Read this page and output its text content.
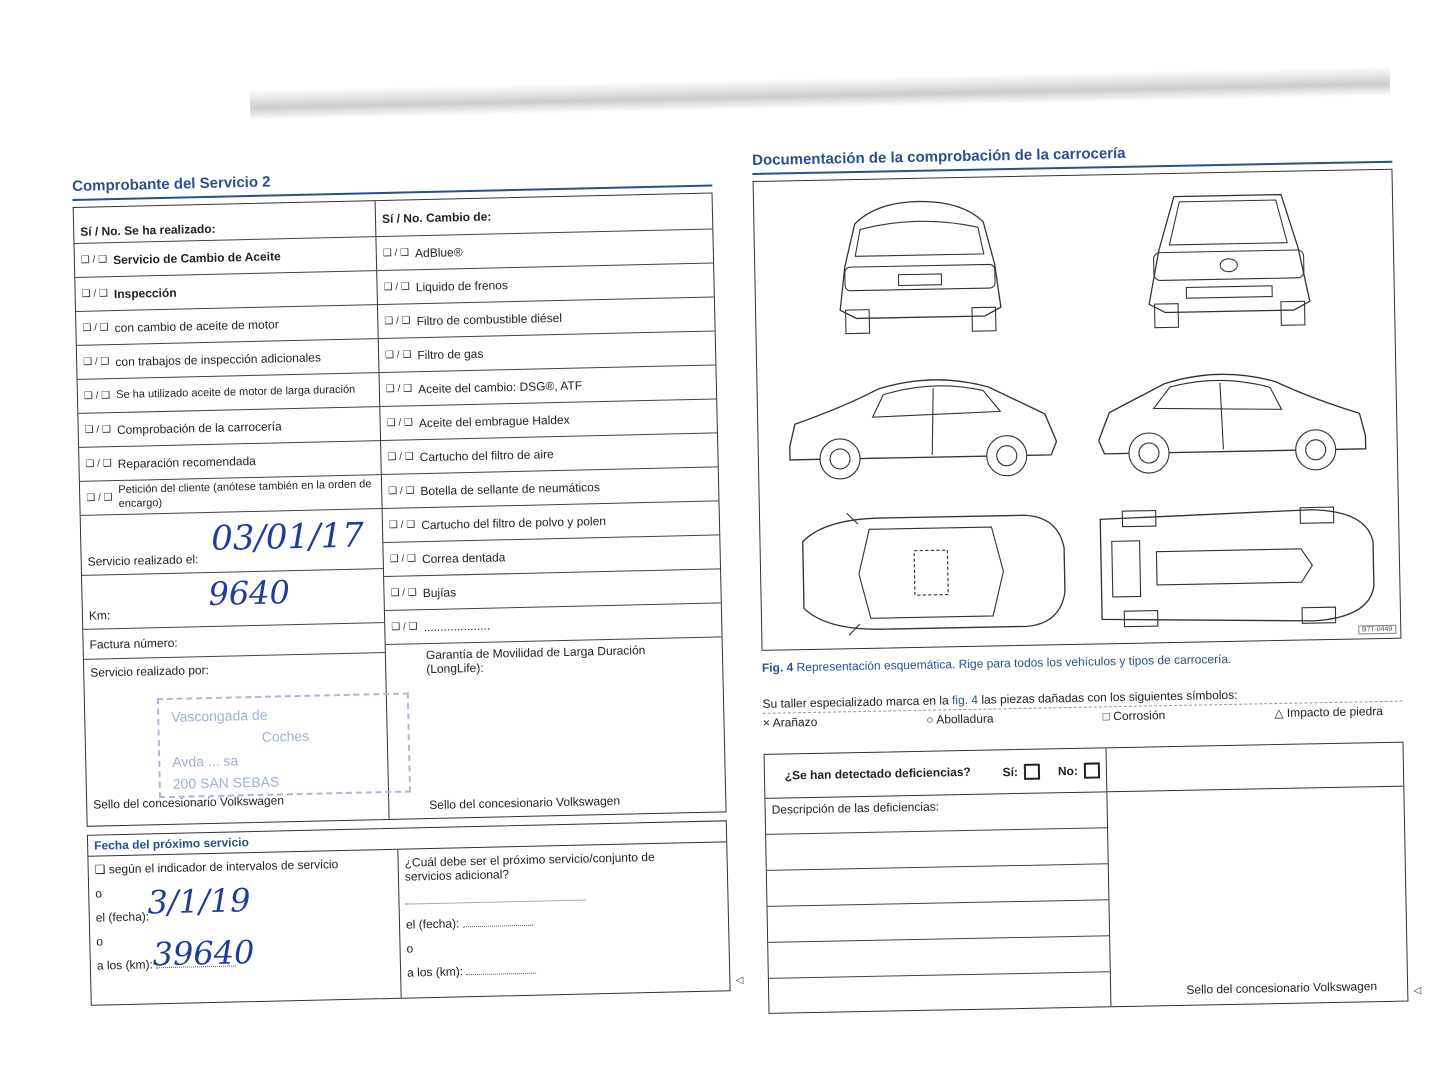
Comprobante del Servicio 2
Sí / No. Se ha realizado:
❑ / ❑ Servicio de Cambio de Aceite
❑ / ❑ Inspección
❑ / ❑ con cambio de aceite de motor
❑ / ❑ con trabajos de inspección adicionales
❑ / ❑ Se ha utilizado aceite de motor de larga duración
❑ / ❑ Comprobación de la carrocería
❑ / ❑ Reparación recomendada
❑ / ❑
Petición del cliente (anótese también en la orden de encargo)
Servicio realizado el:
03/01/17
Km:
9640
Factura número:
Servicio realizado por:
Vascongada de
Coches
Avda ... sa
200 SAN SEBAS
Sello del concesionario Volkswagen
Sí / No. Cambio de:
❑ / ❑ AdBlue®
❑ / ❑ Liquido de frenos
❑ / ❑ Filtro de combustible diésel
❑ / ❑ Filtro de gas
❑ / ❑ Aceite del cambio: DSG®, ATF
❑ / ❑ Aceite del embrague Haldex
❑ / ❑ Cartucho del filtro de aire
❑ / ❑ Botella de sellante de neumáticos
❑ / ❑ Cartucho del filtro de polvo y polen
❑ / ❑ Correa dentada
❑ / ❑ Bujías
❑ / ❑ ....................
Garantía de Movilidad de Larga Duración (LongLife):
Sello del concesionario Volkswagen
Fecha del próximo servicio
❑ según el indicador de intervalos de servicio
o
el (fecha):
3/1/19
o
a los (km): 39640
¿Cuál debe ser el próximo servicio/conjunto de servicios adicional?
el (fecha):
o
a los (km):
◁
Documentación de la comprobación de la carrocería
B7T-0449
Fig. 4 Representación esquemática. Rige para todos los vehículos y tipos de carrocería.
Su taller especializado marca en la fig. 4 las piezas dañadas con los siguientes símbolos:
× Arañazo	○ Abolladura	□ Corrosión	△ Impacto de piedra
¿Se han detectado deficiencias?	Sí:	No:
Descripción de las deficiencias:
Sello del concesionario Volkswagen	◁
